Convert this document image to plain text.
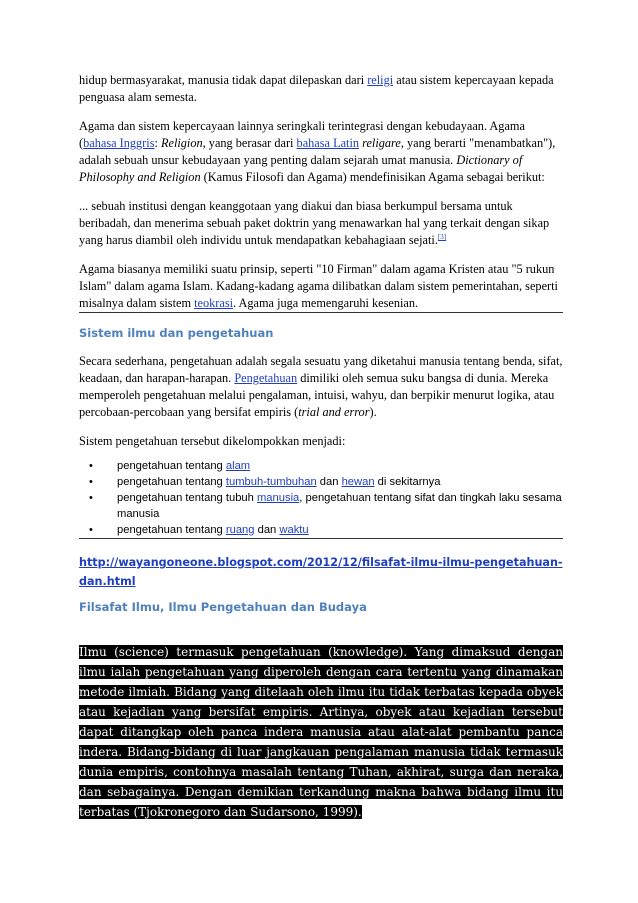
hidup bermasyarakat, manusia tidak dapat dilepaskan dari religi atau sistem kepercayaan kepada penguasa alam semesta.

Agama dan sistem kepercayaan lainnya seringkali terintegrasi dengan kebudayaan. Agama (bahasa Inggris: Religion, yang berasar dari bahasa Latin religare, yang berarti "menambatkan"), adalah sebuah unsur kebudayaan yang penting dalam sejarah umat manusia. Dictionary of Philosophy and Religion (Kamus Filosofi dan Agama) mendefinisikan Agama sebagai berikut:

... sebuah institusi dengan keanggotaan yang diakui dan biasa berkumpul bersama untuk beribadah, dan menerima sebuah paket doktrin yang menawarkan hal yang terkait dengan sikap yang harus diambil oleh individu untuk mendapatkan kebahagiaan sejati.[3]

Agama biasanya memiliki suatu prinsip, seperti "10 Firman" dalam agama Kristen atau "5 rukun Islam" dalam agama Islam. Kadang-kadang agama dilibatkan dalam sistem pemerintahan, seperti misalnya dalam sistem teokrasi. Agama juga memengaruhi kesenian.

Sistem ilmu dan pengetahuan

Secara sederhana, pengetahuan adalah segala sesuatu yang diketahui manusia tentang benda, sifat, keadaan, dan harapan-harapan. Pengetahuan dimiliki oleh semua suku bangsa di dunia. Mereka memperoleh pengetahuan melalui pengalaman, intuisi, wahyu, dan berpikir menurut logika, atau percobaan-percobaan yang bersifat empiris (trial and error).

Sistem pengetahuan tersebut dikelompokkan menjadi:

• pengetahuan tentang alam
• pengetahuan tentang tumbuh-tumbuhan dan hewan di sekitarnya
• pengetahuan tentang tubuh manusia, pengetahuan tentang sifat dan tingkah laku sesama manusia
• pengetahuan tentang ruang dan waktu
http://wayangoneone.blogspot.com/2012/12/filsafat-ilmu-ilmu-pengetahuan-dan.html
Filsafat Ilmu, Ilmu Pengetahuan dan Budaya

Ilmu (science) termasuk pengetahuan (knowledge). Yang dimaksud dengan ilmu ialah pengetahuan yang diperoleh dengan cara tertentu yang dinamakan metode ilmiah. Bidang yang ditelaah oleh ilmu itu tidak terbatas kepada obyek atau kejadian yang bersifat empiris. Artinya, obyek atau kejadian tersebut dapat ditangkap oleh panca indera manusia atau alat-alat pembantu panca indera. Bidang-bidang di luar jangkauan pengalaman manusia tidak termasuk dunia empiris, contohnya masalah tentang Tuhan, akhirat, surga dan neraka, dan sebagainya. Dengan demikian terkandung makna bahwa bidang ilmu itu terbatas (Tjokronegoro dan Sudarsono, 1999).
